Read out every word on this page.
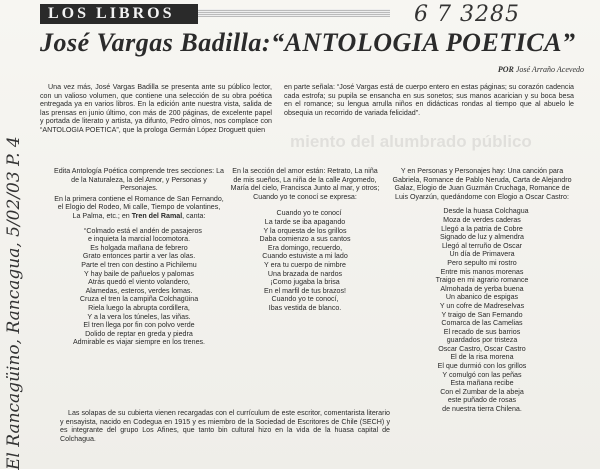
LOS LIBROS	6 7 3285
José Vargas Badilla:“ANTOLOGIA POETICA”
POR José Arraño Acevedo

Una vez más, José Vargas Badilla se presenta ante su público lector, con un valioso volumen, que contiene una selección de su obra poética entregada ya en varios libros. En la edición ante nuestra vista, salida de las prensas en junio último, con más de 200 páginas, de excelente papel y portada de literato y artista, ya difunto, Pedro olmos, nos complace con “ANTOLOGIA POETICA”, que la prologa Germán López Droguett quien

en parte señala: “José Vargas está de cuerpo entero en estas páginas; su corazón cadencia cada estrofa; su pupila se ensancha en sus sonetos; sus manos acarician y su boca besa en el romance; su lengua arrulla niños en didácticas rondas al tiempo que al abuelo le obsequia un recorrido de variada felicidad”.

miento del alumbrado público

Edita Antología Poética comprende tres secciones: La de la Naturaleza, la del Amor, y Personas y Personajes.

En la primera contiene el Romance de San Fernando, el Elogio del Rodeo, Mi calle, Tiempo de volantines, La Palma, etc.; en Tren del Ramal, canta:

“Colmado está el andén de pasajeros
e inquieta la marcial locomotora.
Es holgada mañana de febrero
Grato entonces partir a ver las olas.
Parte el tren con destino a Pichilemu
Y hay baile de pañuelos y palomas
Atrás quedó el viento volandero,
Alamedas, esteros, verdes lomas.
Cruza el tren la campiña Colchagüina
Riela luego la abrupta cordillera,
Y a la vera los túneles, las viñas.
El tren llega por fin con polvo verde
Dolido de reptar en greda y piedra
Admirable es viajar siempre en los trenes.

En la sección del amor están: Retrato, La niña de mis sueños, La niña de la calle Argomedo, María del cielo, Francisca Junto al mar, y otros; Cuando yo te conocí se expresa:

Cuando yo te conocí
La tarde se iba apagando
Y la orquesta de los grillos
Daba comienzo a sus cantos
Era domingo, recuerdo,
Cuando estuviste a mi lado
Y era tu cuerpo de nimbre
Una brazada de nardos
¡Como jugaba la brisa
En el marfil de tus brazos!
Cuando yo te conocí,
Ibas vestida de blanco.

Y en Personas y Personajes hay: Una canción para Gabriela, Romance de Pablo Neruda, Carta de Alejandro Galaz, Elogio de Juan Guzmán Cruchaga, Romance de Luis Oyarzún, quedándome con Elogio a Oscar Castro:

Desde la huasa Colchagua
Moza de verdes caderas
Llegó a la patria de Cobre
Signado de luz y almendra
Llegó al terruño de Oscar
Un día de Primavera
Pero sepulto mi rostro
Entre mis manos morenas
Traigo en mi agrario romance
Almohada de yerba buena
Un abanico de espigas
Y un cofre de Madreselvas
Y traigo de San Fernando
Comarca de las Camelias
El recado de sus barrios
guardados por tristeza
Oscar Castro, Oscar Castro
El de la risa morena
El que durmió con los grillos
Y comulgó con las peñas
Esta mañana recibe
Con el Zumbar de la abeja
este puñado de rosas
de nuestra tierra Chilena.

Las solapas de su cubierta vienen recargadas con el currículum de este escritor, comentarista literario y ensayista, nacido en Codegua en 1915 y es miembro de la Sociedad de Escritores de Chile (SECH) y es integrante del grupo Los Afines, que tanto bin cultural hizo en la vida de la huasa capital de Colchagua.

El Rancagüino, Rancagua, 5/02/03 P. 4
